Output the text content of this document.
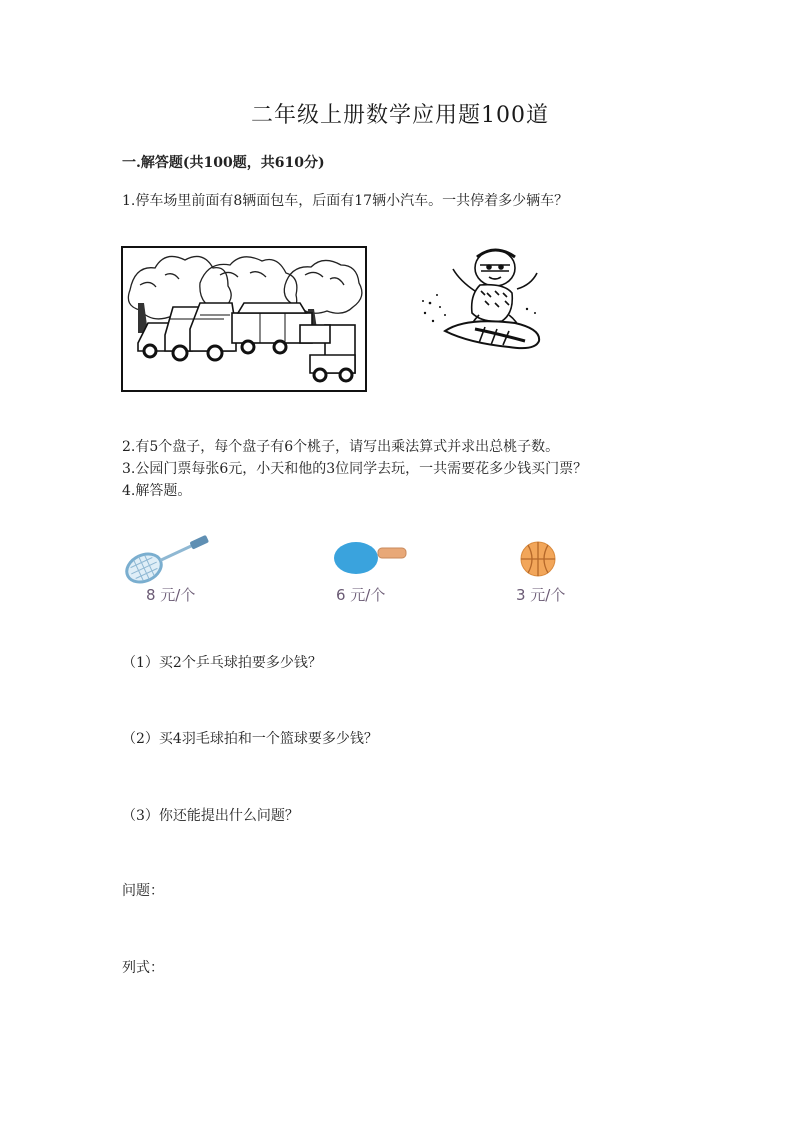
二年级上册数学应用题100道
一.解答题(共100题，共610分)
1.停车场里前面有8辆面包车，后面有17辆小汽车。一共停着多少辆车？
2.有5个盘子，每个盘子有6个桃子，请写出乘法算式并求出总桃子数。
3.公园门票每张6元，小天和他的3位同学去玩，一共需要花多少钱买门票？
4.解答题。
8 元/个	6 元/个	3 元/个
（1）买2个乒乓球拍要多少钱？
（2）买4羽毛球拍和一个篮球要多少钱？
（3）你还能提出什么问题？
问题：
列式：
